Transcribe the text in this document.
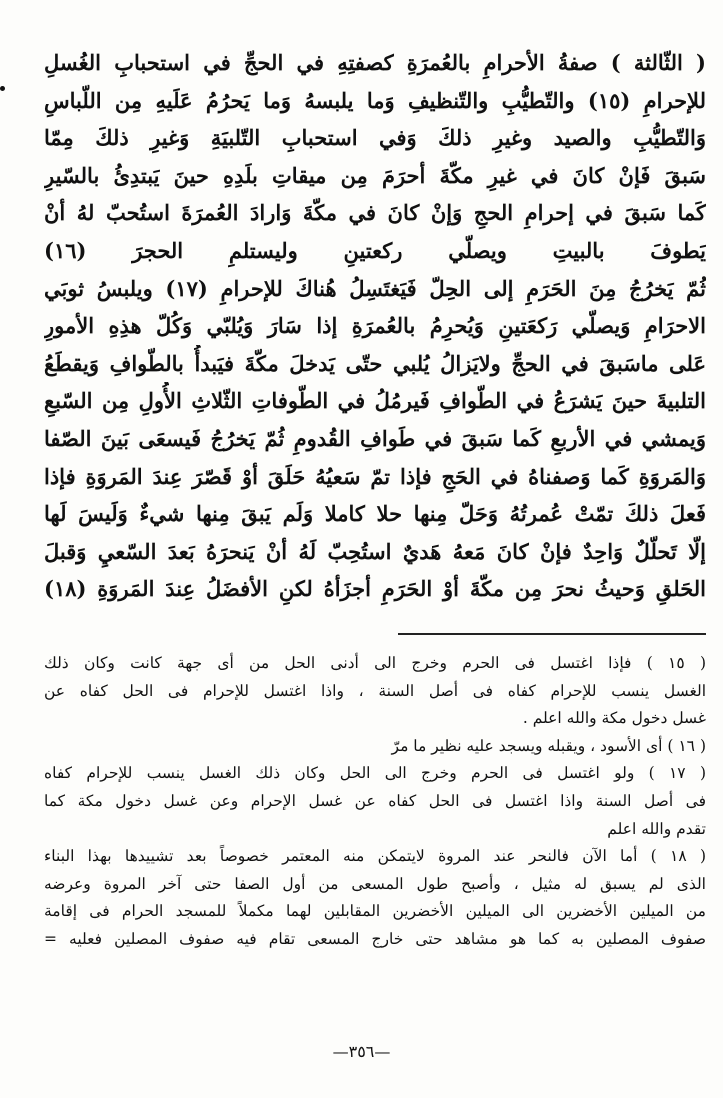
( الثّالثة ) صفةُ الأحرامِ بالعُمرَةِ كصفتِهِ في الحجِّ في استحبابِ الغُسلِ
للإحرامِ (١٥) والتّطيُّبِ والتّنظيفِ وَما يلبسهُ وَما يَحرُمُ عَلَيهِ مِن اللّباسِ
وَالتّطيُّبِ والصيد وغيرِ ذلكَ وَفي استحبابِ التّلبيَةِ وَغيرِ ذلكَ مِمّا
سَبقَ فَإنْ كانَ في غيرِ مكّةَ أحرَمَ مِن ميقاتِ بلَدِهِ حينَ يَبتدِئُ بالسّيرِ
كَما سَبقَ في إحرامِ الحجِ وَإنْ كانَ في مكّةَ وَارادَ العُمرَةَ استُحبّ لهُ أنْ
يَطوفَ بالبيتِ ويصلّي ركعتينِ وليستلمِ الحجرَ (١٦)
ثُمّ يَخرُجُ مِنَ الحَرَمِ إلى الحِلّ فَيَغتَسِلُ هُناكَ للإحرامِ (١٧) ويلبسُ ثوبَي
الاحرَامِ وَيصلّي رَكعَتينِ وَيُحرِمُ بالعُمرَةِ إذا سَارَ وَيُلبّي وَكُلّ هذِهِ الأمورِ
عَلى ماسَبقَ في الحجِّ ولايَزالُ يُلبي حتّى يَدخلَ مكّةَ فيَبدأُ بالطّوافِ وَيقطَعُ
التلبيةَ حينَ يَشرَعُ في الطّوافِ فَيرمُلُ في الطّوفاتِ الثّلاثِ الأُولِ مِن السّبعِ
وَيمشي في الأربعِ كَما سَبقَ في طَوافِ القُدومِ ثُمّ يَخرُجُ فَيسعَى بَينَ الصّفا
وَالمَروَةِ كَما وَصفناهُ في الحَجِ فإذا تمّ سَعيُهُ حَلَقَ أوْ قَصّرَ عِندَ المَروَةِ فإذا
فَعلَ ذلكَ تمّتْ عُمرتُهُ وَحَلّ مِنها حلا كاملا وَلَم يَبقَ مِنها شيءٌ وَلَيسَ لَها
إلّا تَحلّلٌ وَاحِدٌ فإنْ كانَ مَعهُ هَديٌ استُحِبّ لَهُ أنْ يَنحرَهُ بَعدَ السّعيِ وَقبلَ
الحَلقِ وَحيثُ نحرَ مِن مكّةَ أوْ الحَرَمِ أجزَأهُ لكنِ الأفضَلُ عِندَ المَروَةِ (١٨)
( ١٥ ) فإذا اغتسل فى الحرم وخرج الى أدنى الحل من أى جهة كانت وكان ذلك
الغسل ينسب للإحرام كفاه فى أصل السنة ، واذا اغتسل للإحرام فى الحل كفاه عن
غسل دخول مكة والله اعلم .
( ١٦ ) أى الأسود ، ويقبله ويسجد عليه نظير ما مرّ
( ١٧ ) ولو اغتسل فى الحرم وخرج الى الحل وكان ذلك الغسل ينسب للإحرام كفاه
فى أصل السنة واذا اغتسل فى الحل كفاه عن غسل الإحرام وعن غسل دخول مكة كما
تقدم والله اعلم
( ١٨ ) أما الآن فالنحر عند المروة لايتمكن منه المعتمر خصوصاً بعد تشييدها بهذا البناء
الذى لم يسبق له مثيل ، وأصبح طول المسعى من أول الصفا حتى آخر المروة وعرضه
من الميلين الأخضرين الى الميلين الأخضرين المقابلين لهما مكملاً للمسجد الحرام فى إقامة
صفوف المصلين به كما هو مشاهد حتى خارج المسعى تقام فيه صفوف المصلين فعليه =
—٣٥٦—
